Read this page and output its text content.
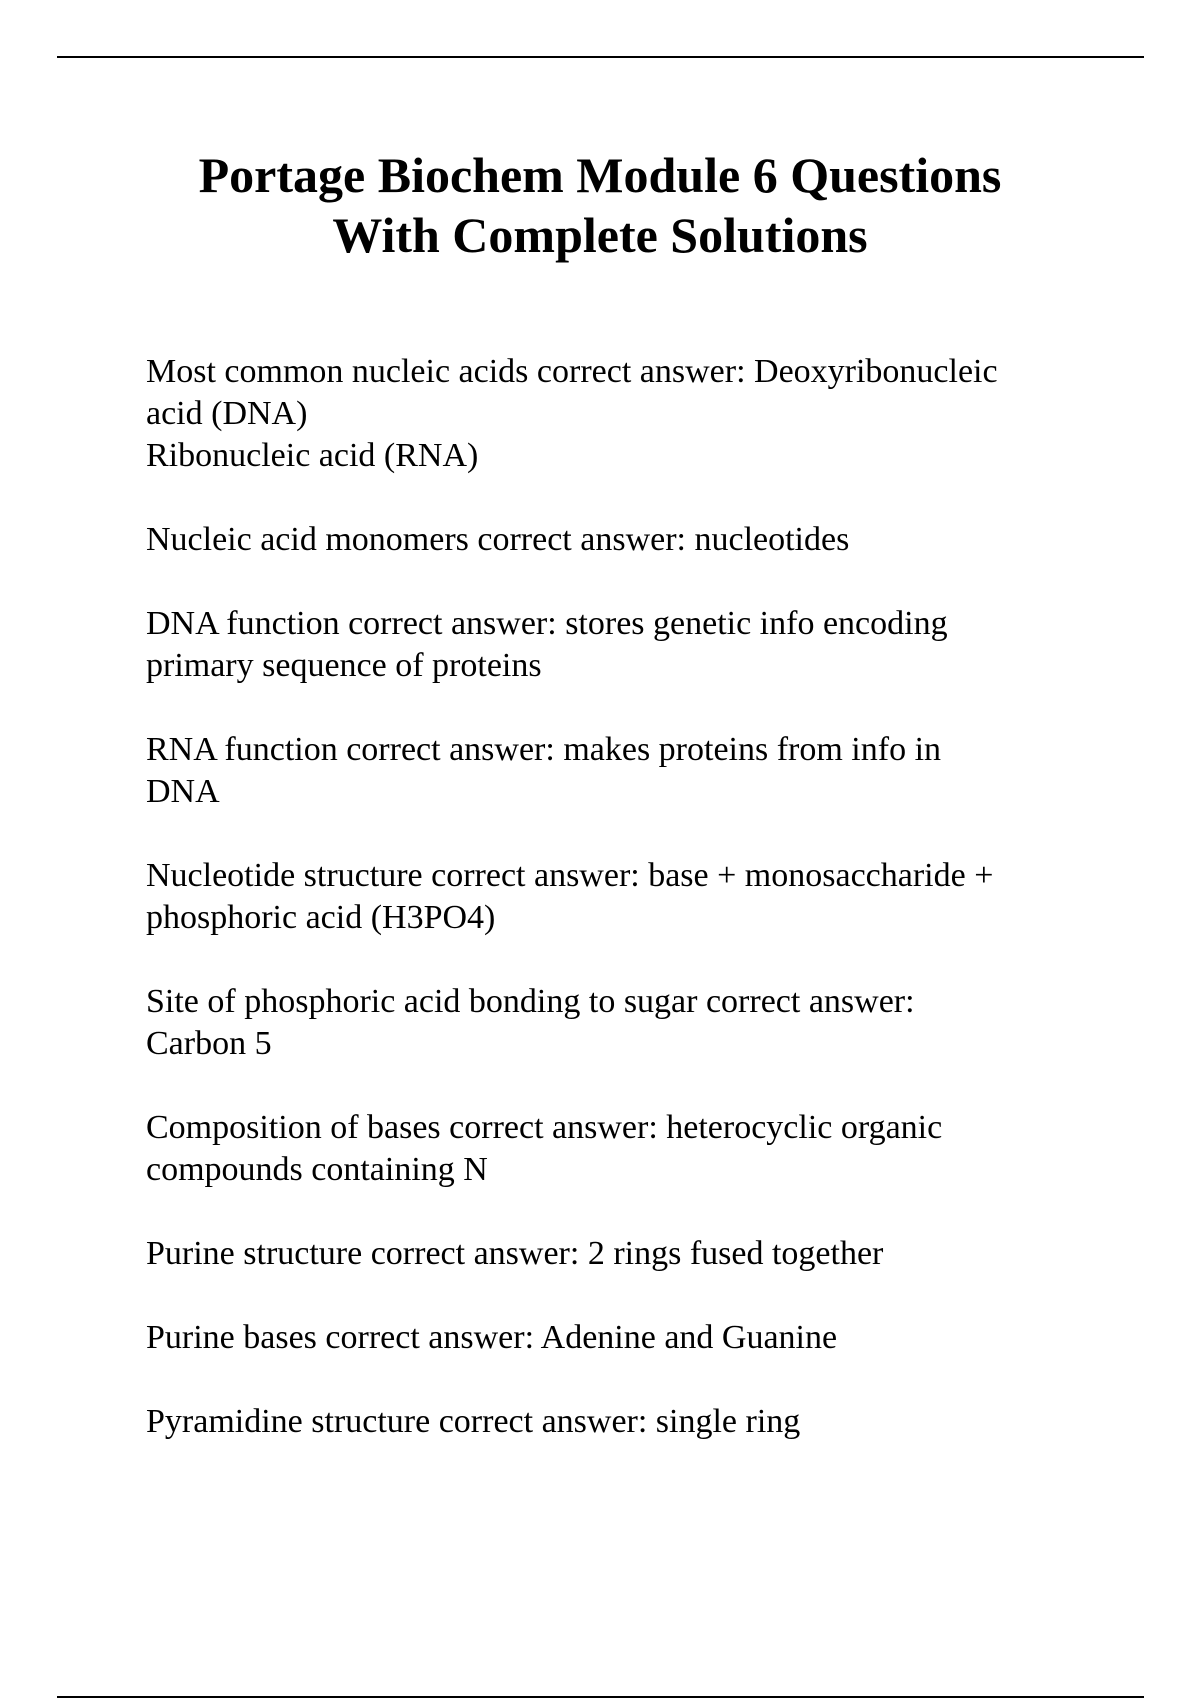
Portage Biochem Module 6 Questions
With Complete Solutions
Most common nucleic acids correct answer: Deoxyribonucleic
acid (DNA)
Ribonucleic acid (RNA)
Nucleic acid monomers correct answer: nucleotides
DNA function correct answer: stores genetic info encoding
primary sequence of proteins
RNA function correct answer: makes proteins from info in
DNA
Nucleotide structure correct answer: base + monosaccharide +
phosphoric acid (H3PO4)
Site of phosphoric acid bonding to sugar correct answer:
Carbon 5
Composition of bases correct answer: heterocyclic organic
compounds containing N
Purine structure correct answer: 2 rings fused together
Purine bases correct answer: Adenine and Guanine
Pyramidine structure correct answer: single ring
